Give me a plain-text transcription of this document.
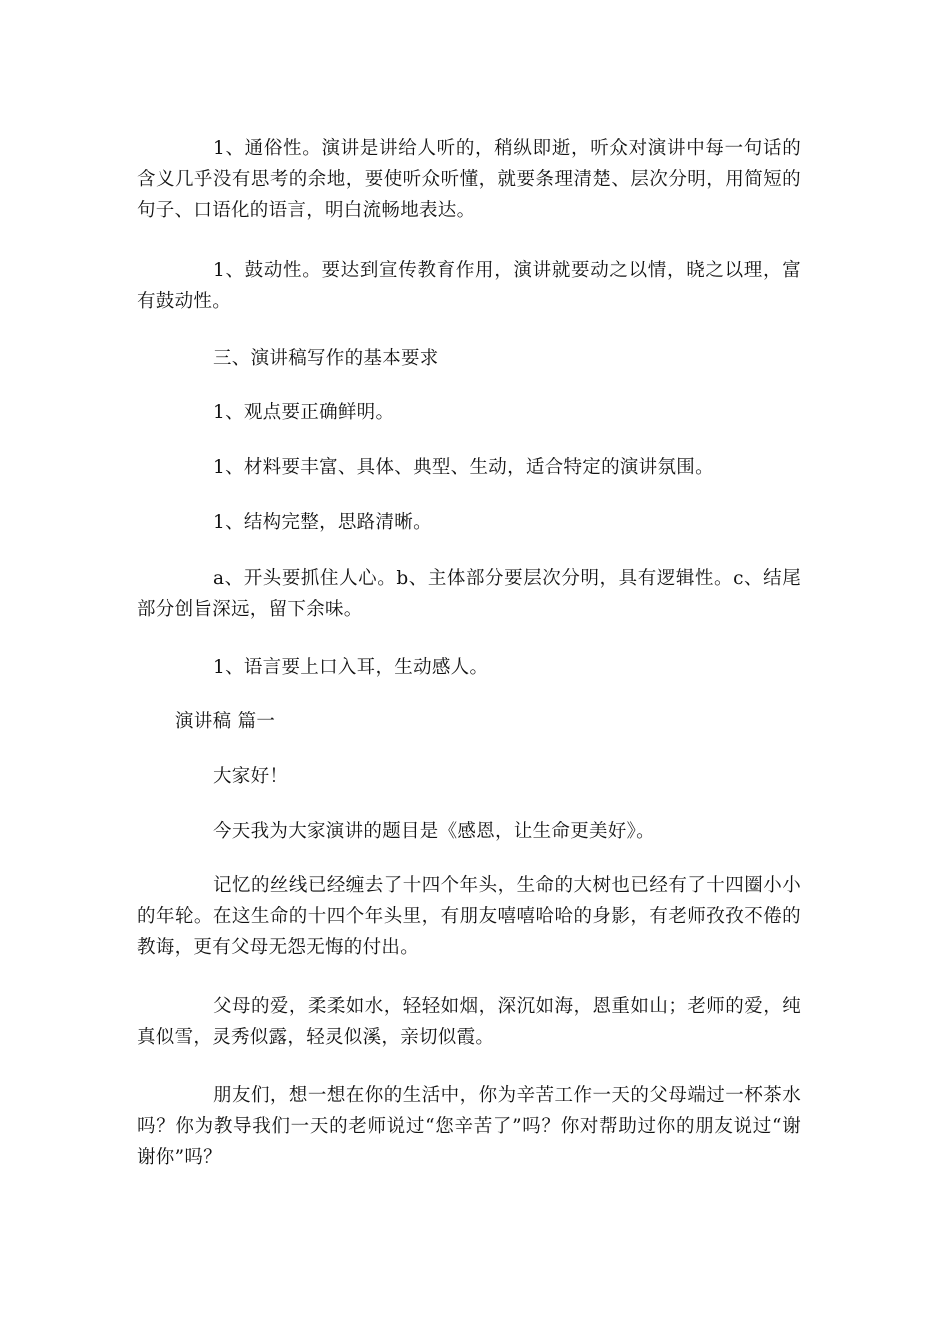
1、通俗性。演讲是讲给人听的，稍纵即逝，听众对演讲中每一句话的含义几乎没有思考的余地，要使听众听懂，就要条理清楚、层次分明，用简短的句子、口语化的语言，明白流畅地表达。

1、鼓动性。要达到宣传教育作用，演讲就要动之以情，晓之以理，富有鼓动性。

三、演讲稿写作的基本要求

1、观点要正确鲜明。

1、材料要丰富、具体、典型、生动，适合特定的演讲氛围。

1、结构完整，思路清晰。

a、开头要抓住人心。b、主体部分要层次分明，具有逻辑性。c、结尾部分创旨深远，留下余味。

1、语言要上口入耳，生动感人。

演讲稿 篇一

大家好！

今天我为大家演讲的题目是《感恩，让生命更美好》。

记忆的丝线已经缠去了十四个年头，生命的大树也已经有了十四圈小小的年轮。在这生命的十四个年头里，有朋友嘻嘻哈哈的身影，有老师孜孜不倦的教诲，更有父母无怨无悔的付出。

父母的爱，柔柔如水，轻轻如烟，深沉如海，恩重如山；老师的爱，纯真似雪，灵秀似露，轻灵似溪，亲切似霞。

朋友们，想一想在你的生活中，你为辛苦工作一天的父母端过一杯茶水吗？你为教导我们一天的老师说过“您辛苦了”吗？你对帮助过你的朋友说过“谢谢你”吗？
